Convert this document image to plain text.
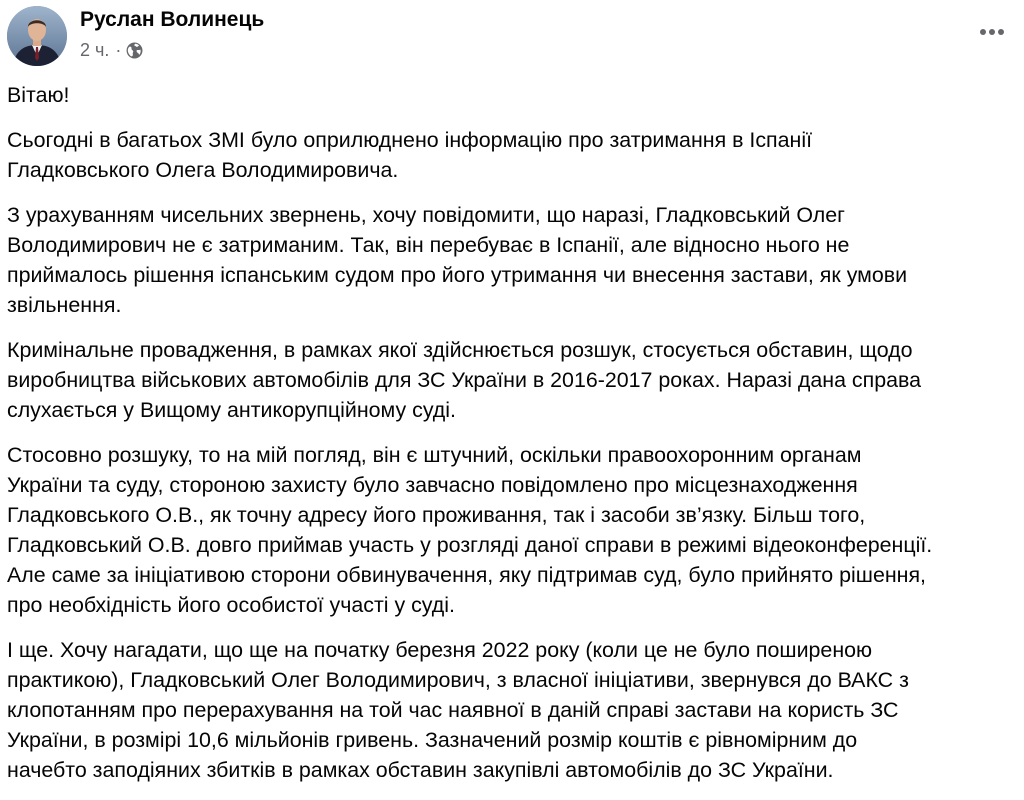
Руслан Волинець
2 ч. ·

Вітаю!

Сьогодні в багатьох ЗМІ було оприлюднено інформацію про затримання в Іспанії
Гладковського Олега Володимировича.

З урахуванням чисельних звернень, хочу повідомити, що наразі, Гладковський Олег
Володимирович не є затриманим. Так, він перебуває в Іспанії, але відносно нього не
приймалось рішення іспанським судом про його утримання чи внесення застави, як умови
звільнення.

Кримінальне провадження, в рамках якої здійснюється розшук, стосується обставин, щодо
виробництва військових автомобілів для ЗС України в 2016-2017 роках. Наразі дана справа
слухається у Вищому антикорупційному суді.

Стосовно розшуку, то на мій погляд, він є штучний, оскільки правоохоронним органам
України та суду, стороною захисту було завчасно повідомлено про місцезнаходження
Гладковського О.В., як точну адресу його проживання, так і засоби зв’язку. Більш того,
Гладковський О.В. довго приймав участь у розгляді даної справи в режимі відеоконференції.
Але саме за ініціативою сторони обвинувачення, яку підтримав суд, було прийнято рішення,
про необхідність його особистої участі у суді.

І ще. Хочу нагадати, що ще на початку березня 2022 року (коли це не було поширеною
практикою), Гладковський Олег Володимирович, з власної ініціативи, звернувся до ВАКС з
клопотанням про перерахування на той час наявної в даній справі застави на користь ЗС
України, в розмірі 10,6 мільйонів гривень. Зазначений розмір коштів є рівномірним до
начебто заподіяних збитків в рамках обставин закупівлі автомобілів до ЗС України.
